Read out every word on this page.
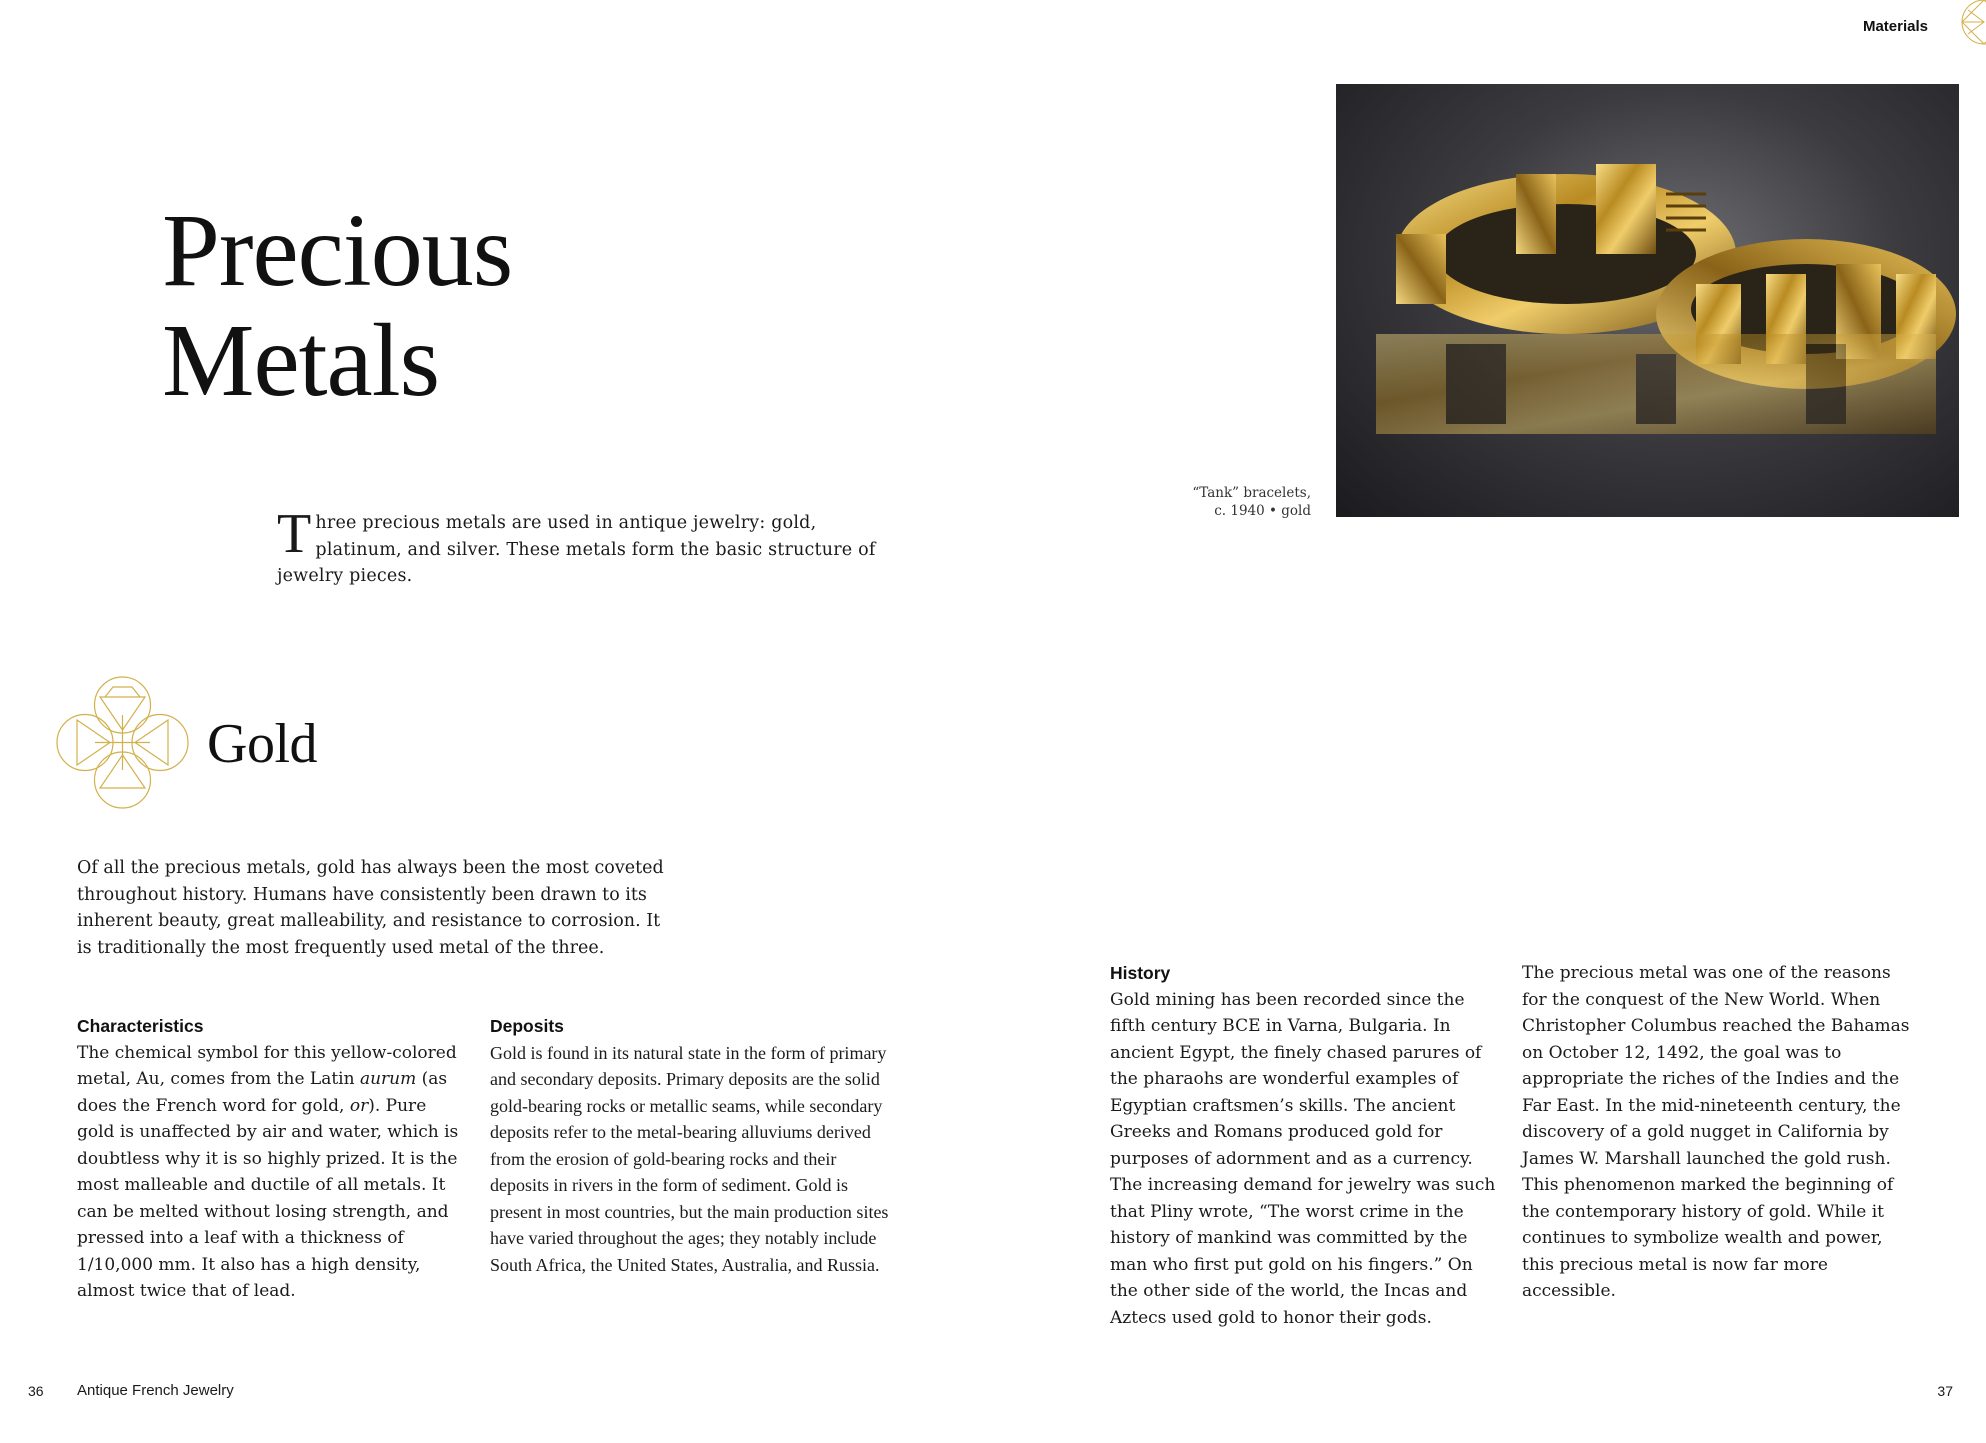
Materials
Precious
Metals
Three precious metals are used in antique jewelry: gold, platinum, and silver. These metals form the basic structure of jewelry pieces.
“Tank” bracelets,
c. 1940 • gold
Gold
Of all the precious metals, gold has always been the most coveted throughout history. Humans have consistently been drawn to its inherent beauty, great malleability, and resistance to corrosion. It is traditionally the most frequently used metal of the three.
Characteristics
The chemical symbol for this yellow-colored metal, Au, comes from the Latin aurum (as does the French word for gold, or). Pure gold is unaffected by air and water, which is doubtless why it is so highly prized. It is the most malleable and ductile of all metals. It can be melted without losing strength, and pressed into a leaf with a thickness of 1/10,000 mm. It also has a high density, almost twice that of lead.
Deposits
Gold is found in its natural state in the form of primary and secondary deposits. Primary deposits are the solid gold-bearing rocks or metallic seams, while secondary deposits refer to the metal-bearing alluviums derived from the erosion of gold-bearing rocks and their deposits in rivers in the form of sediment. Gold is present in most countries, but the main production sites have varied throughout the ages; they notably include South Africa, the United States, Australia, and Russia.
History
Gold mining has been recorded since the fifth century BCE in Varna, Bulgaria. In ancient Egypt, the finely chased parures of the pharaohs are wonderful examples of Egyptian craftsmen’s skills. The ancient Greeks and Romans produced gold for purposes of adornment and as a currency. The increasing demand for jewelry was such that Pliny wrote, “The worst crime in the history of mankind was committed by the man who first put gold on his fingers.” On the other side of the world, the Incas and Aztecs used gold to honor their gods.
The precious metal was one of the reasons for the conquest of the New World. When Christopher Columbus reached the Bahamas on October 12, 1492, the goal was to appropriate the riches of the Indies and the Far East. In the mid-nineteenth century, the discovery of a gold nugget in California by James W. Marshall launched the gold rush. This phenomenon marked the beginning of the contemporary history of gold. While it continues to symbolize wealth and power, this precious metal is now far more accessible.
36 Antique French Jewelry	37
